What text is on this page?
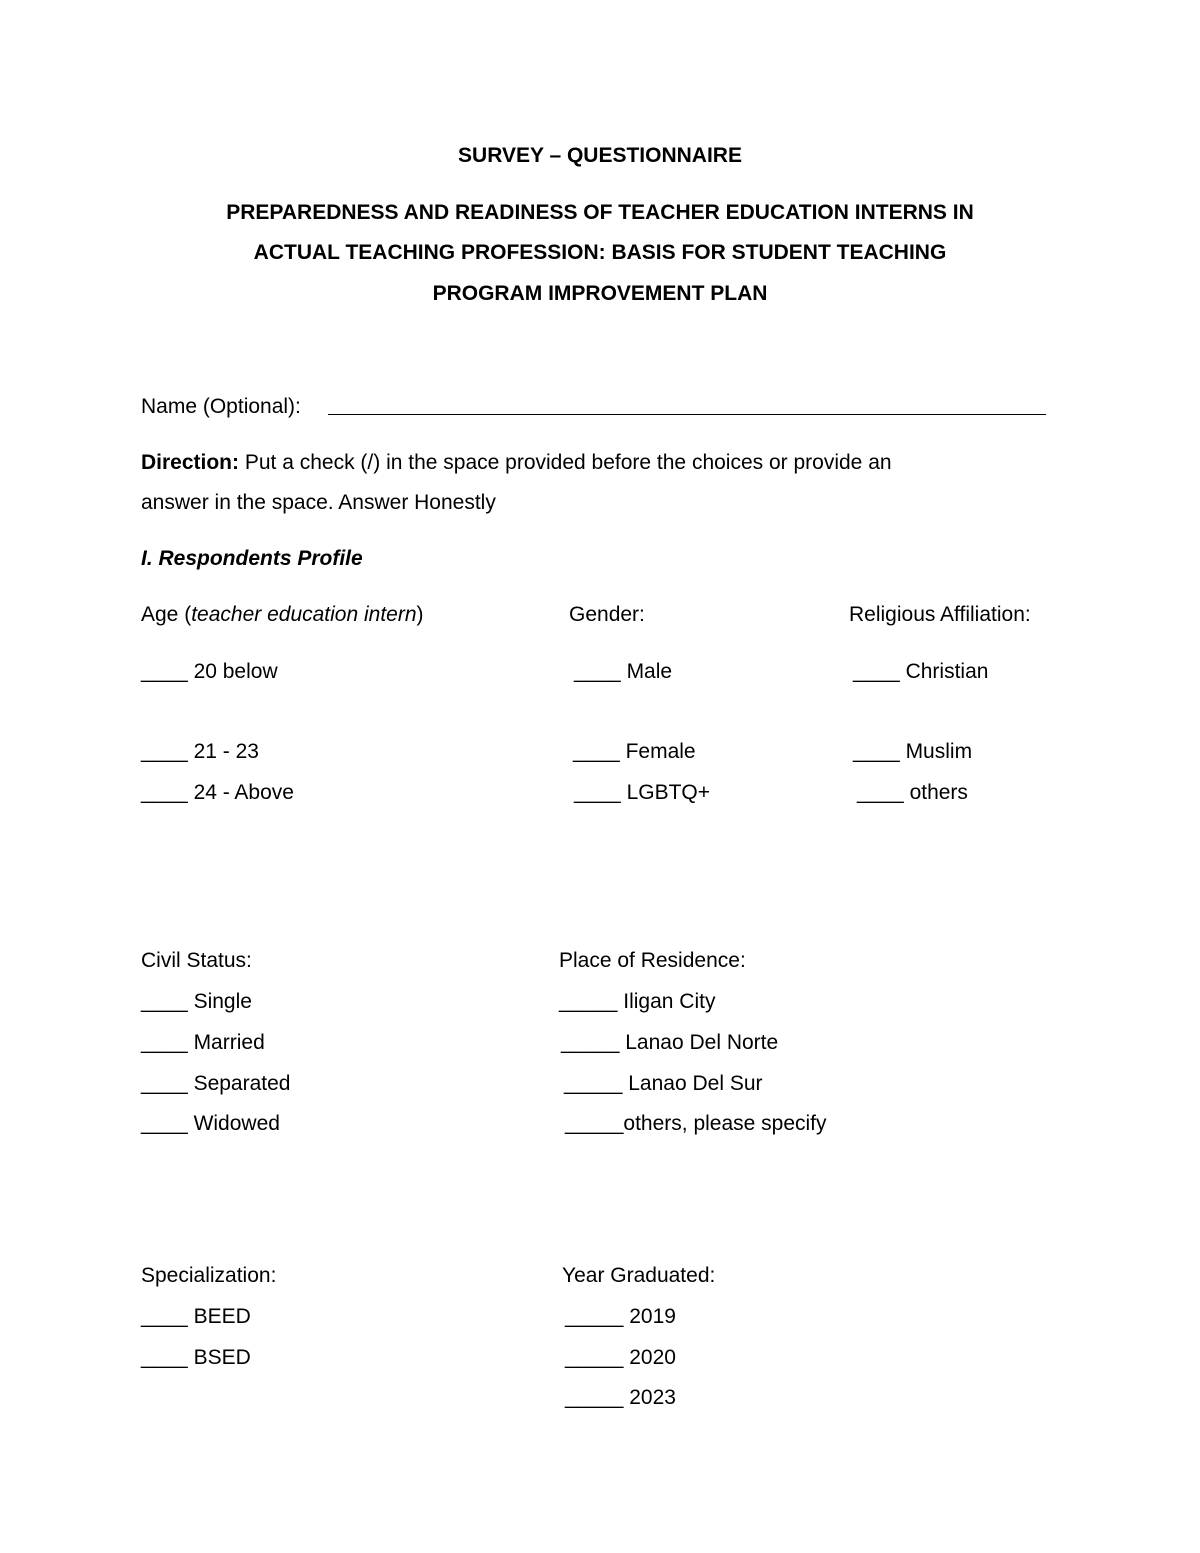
SURVEY – QUESTIONNAIRE
PREPAREDNESS AND READINESS OF TEACHER EDUCATION INTERNS IN
ACTUAL TEACHING PROFESSION: BASIS FOR STUDENT TEACHING
PROGRAM IMPROVEMENT PLAN
Name (Optional):
Direction: Put a check (/) in the space provided before the choices or provide an
answer in the space. Answer Honestly
I. Respondents Profile
Age (teacher education intern)
____ 20 below
____ 21 - 23
____ 24 - Above
Gender:
____ Male
____ Female
____ LGBTQ+
Religious Affiliation:
____ Christian
____ Muslim
____ others
Civil Status:
____ Single
____ Married
____ Separated
____ Widowed
Place of Residence:
_____ Iligan City
_____ Lanao Del Norte
_____ Lanao Del Sur
_____others, please specify
Specialization:
____ BEED
____ BSED
Year Graduated:
_____ 2019
_____ 2020
_____ 2023
